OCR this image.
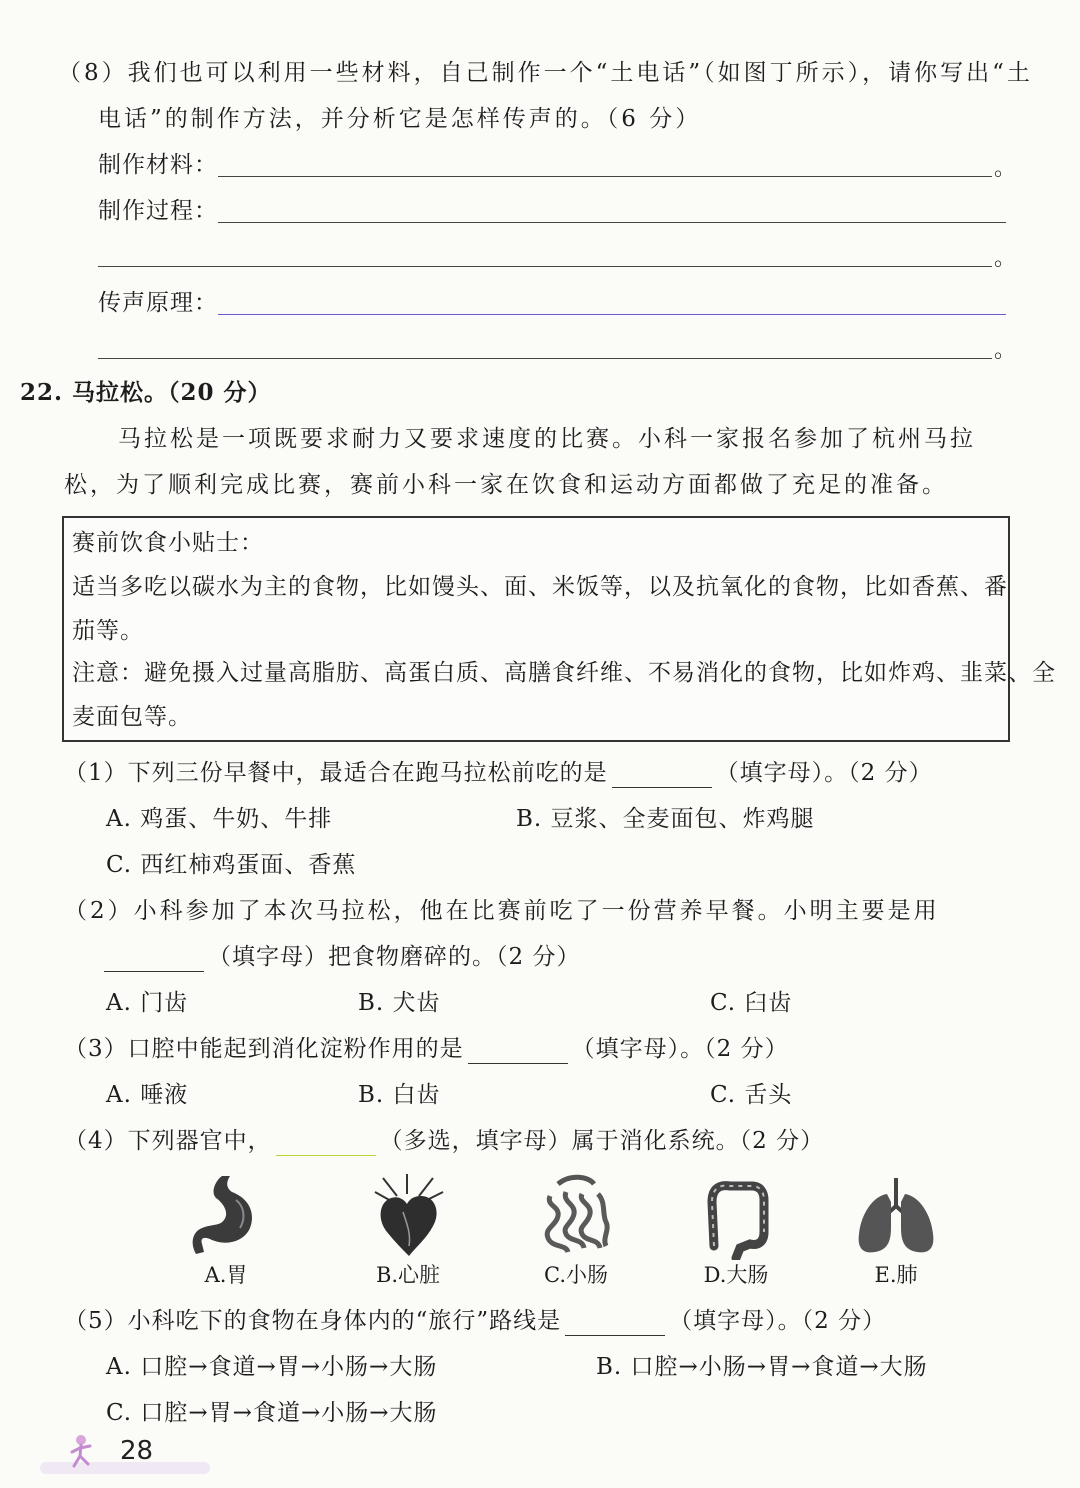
（8）我们也可以利用一些材料，自己制作一个“土电话”（如图丁所示），请你写出“土
电话”的制作方法，并分析它是怎样传声的。（6 分）
制作材料：	。
制作过程：
。
传声原理：
。
22. 马拉松。（20 分）
马拉松是一项既要求耐力又要求速度的比赛。小科一家报名参加了杭州马拉
松，为了顺利完成比赛，赛前小科一家在饮食和运动方面都做了充足的准备。
赛前饮食小贴士：
适当多吃以碳水为主的食物，比如馒头、面、米饭等，以及抗氧化的食物，比如香蕉、番
茄等。
注意：避免摄入过量高脂肪、高蛋白质、高膳食纤维、不易消化的食物，比如炸鸡、韭菜、全
麦面包等。
（1）下列三份早餐中，最适合在跑马拉松前吃的是	（填字母）。（2 分）
A. 鸡蛋、牛奶、牛排	B. 豆浆、全麦面包、炸鸡腿
C. 西红柿鸡蛋面、香蕉
（2）小科参加了本次马拉松，他在比赛前吃了一份营养早餐。小明主要是用
（填字母）把食物磨碎的。（2 分）
A. 门齿	B. 犬齿	C. 臼齿
（3）口腔中能起到消化淀粉作用的是	（填字母）。（2 分）
A. 唾液	B. 白齿	C. 舌头
（4）下列器官中，	（多选，填字母）属于消化系统。（2 分）
A.胃	B.心脏	C.小肠	D.大肠	E.肺
（5）小科吃下的食物在身体内的“旅行”路线是	（填字母）。（2 分）
A. 口腔→食道→胃→小肠→大肠	B. 口腔→小肠→胃→食道→大肠
C. 口腔→胃→食道→小肠→大肠
28
